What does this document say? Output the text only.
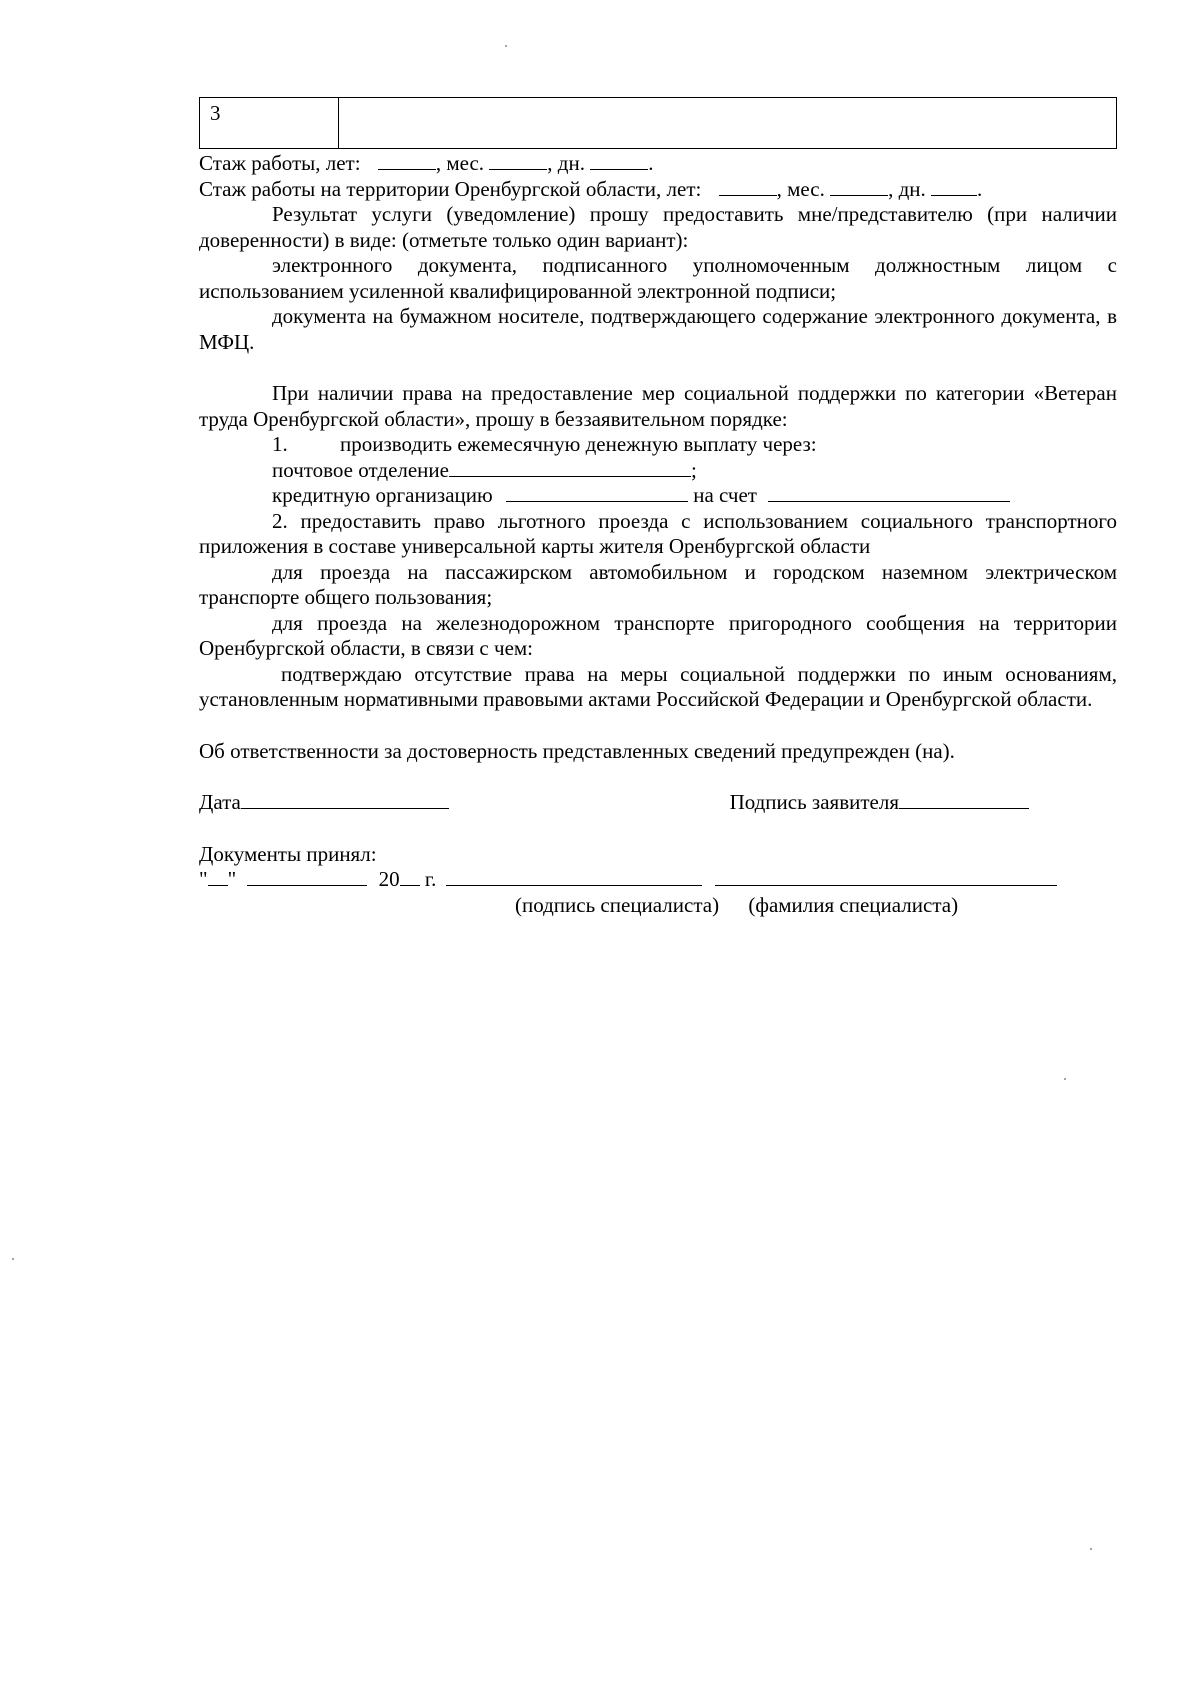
3
Стаж работы, лет:	, мес.	, дн.	.
Стаж работы на территории Оренбургской области, лет:	, мес.	, дн. .
Результат услуги (уведомление) прошу предоставить мне/представителю (при наличии доверенности) в виде: (отметьте только один вариант):
электронного документа, подписанного уполномоченным должностным лицом с использованием усиленной квалифицированной электронной подписи;
документа на бумажном носителе, подтверждающего содержание электронного документа, в МФЦ.
При наличии права на предоставление мер социальной поддержки по категории «Ветеран труда Оренбургской области», прошу в беззаявительном порядке:
1. производить ежемесячную денежную выплату через:
почтовое отделение	;
кредитную организацию	на счет
2. предоставить право льготного проезда с использованием социального транспортного приложения в составе универсальной карты жителя Оренбургской области
для проезда на пассажирском автомобильном и городском наземном электрическом транспорте общего пользования;
для проезда на железнодорожном транспорте пригородного сообщения на территории Оренбургской области, в связи с чем:
подтверждаю отсутствие права на меры социальной поддержки по иным основаниям, установленным нормативными правовыми актами Российской Федерации и Оренбургской области.
Об ответственности за достоверность представленных сведений предупрежден (на).
Дата	Подпись заявителя
Документы принял:
" "	20 г.
(подпись специалиста) (фамилия специалиста)
